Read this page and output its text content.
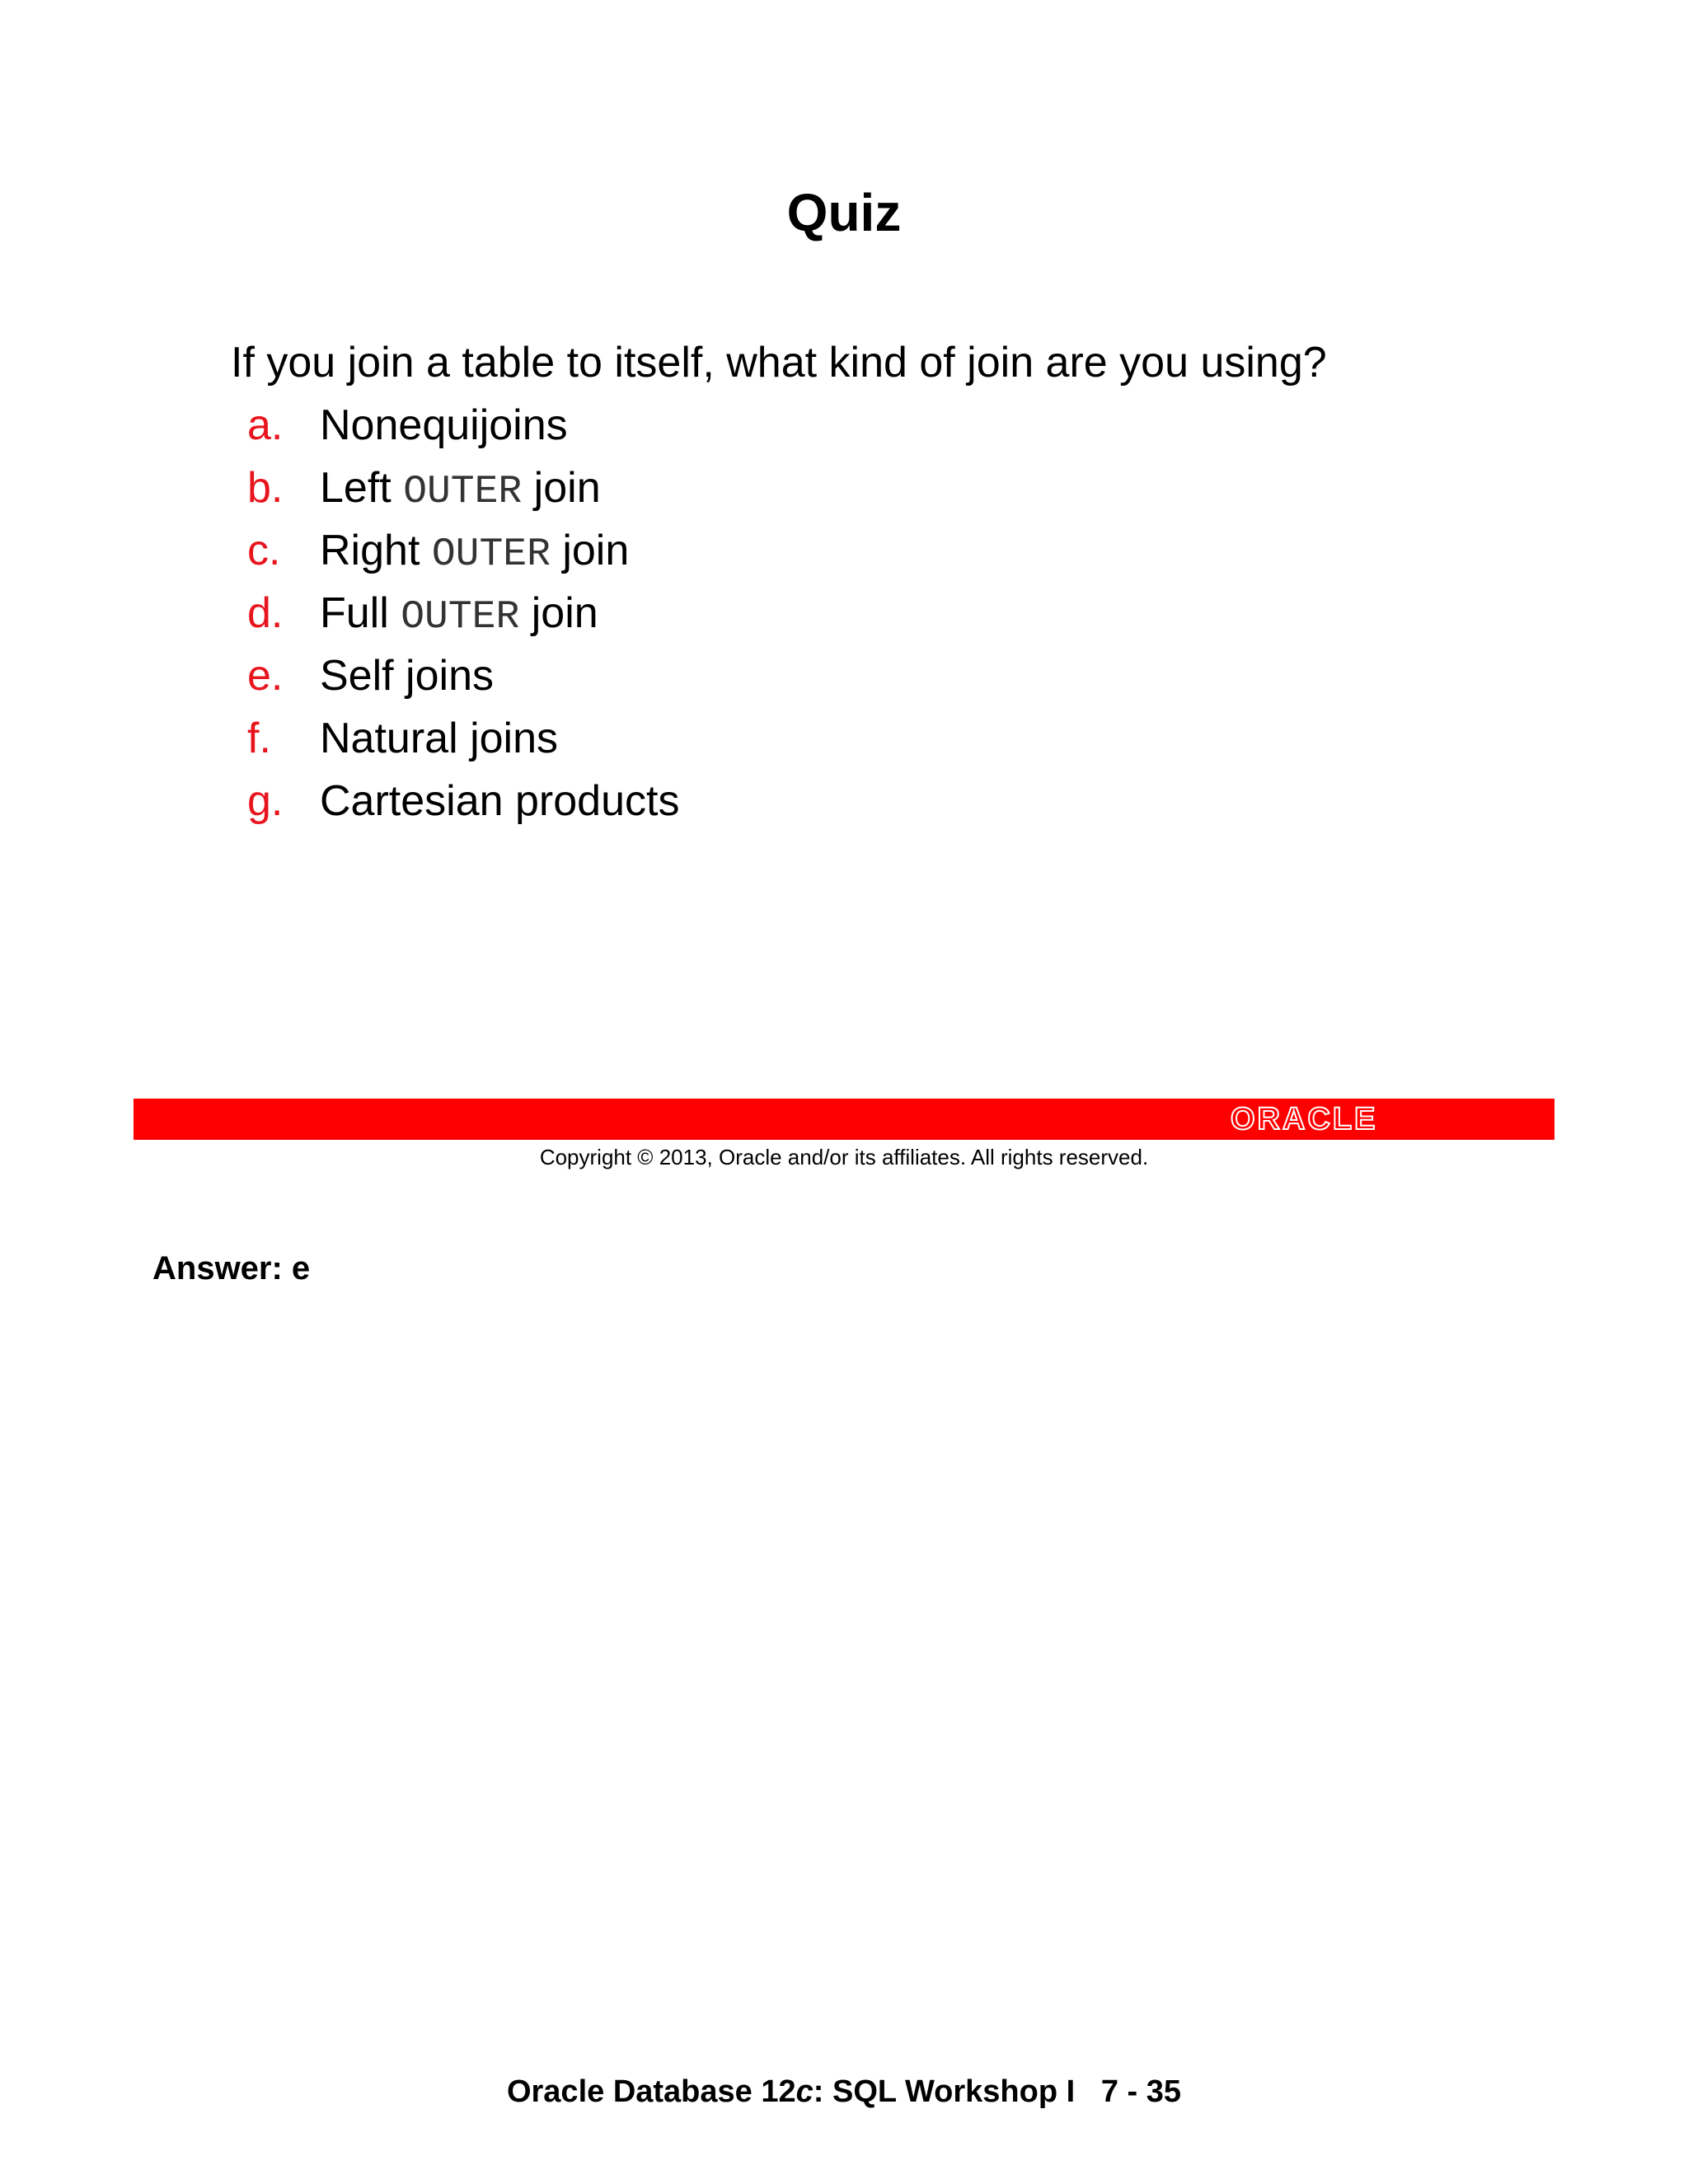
Quiz
If you join a table to itself, what kind of join are you using?
a. Nonequijoins
b. Left OUTER join
c. Right OUTER join
d. Full OUTER join
e. Self joins
f. Natural joins
g. Cartesian products
ORACLE
Copyright © 2013, Oracle and/or its affiliates. All rights reserved.
Answer: e
Oracle Database 12c: SQL Workshop I 7 - 35
